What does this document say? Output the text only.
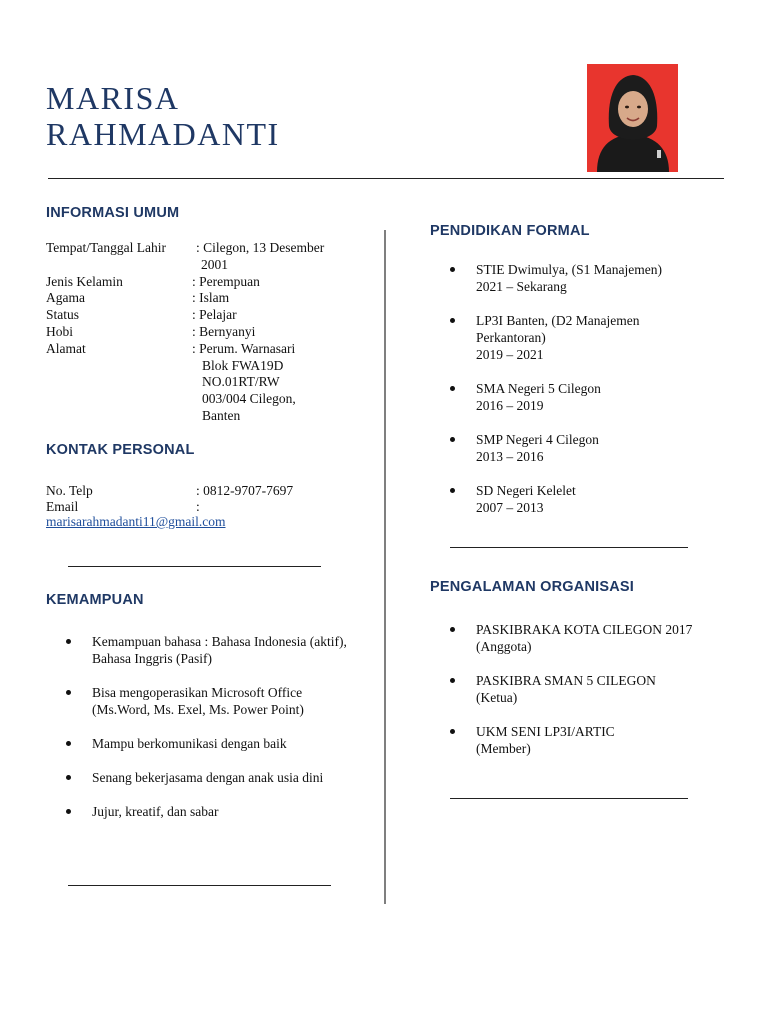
MARISA
RAHMADANTI
INFORMASI UMUM
Tempat/Tanggal Lahir : Cilegon, 13 Desember 2001
Jenis Kelamin	: Perempuan
Agama	: Islam
Status	: Pelajar
Hobi	: Bernyanyi
Alamat	: Perum. Warnasari Blok FWA19D NO.01RT/RW 003/004 Cilegon, Banten
KONTAK PERSONAL
No. Telp	: 0812-9707-7697
Email	:
marisarahmadanti11@gmail.com
KEMAMPUAN
Kemampuan bahasa : Bahasa Indonesia (aktif), Bahasa Inggris (Pasif)
Bisa mengoperasikan Microsoft Office (Ms.Word, Ms. Exel, Ms. Power Point)
Mampu berkomunikasi dengan baik
Senang bekerjasama dengan anak usia dini
Jujur, kreatif, dan sabar
PENDIDIKAN FORMAL
STIE Dwimulya, (S1 Manajemen)
2021 – Sekarang
LP3I Banten, (D2 Manajemen Perkantoran)
2019 – 2021
SMA Negeri 5 Cilegon
2016 – 2019
SMP Negeri 4 Cilegon
2013 – 2016
SD Negeri Kelelet
2007 – 2013
PENGALAMAN ORGANISASI
PASKIBRAKA KOTA CILEGON 2017
(Anggota)
PASKIBRA SMAN 5 CILEGON
(Ketua)
UKM SENI LP3I/ARTIC
(Member)
